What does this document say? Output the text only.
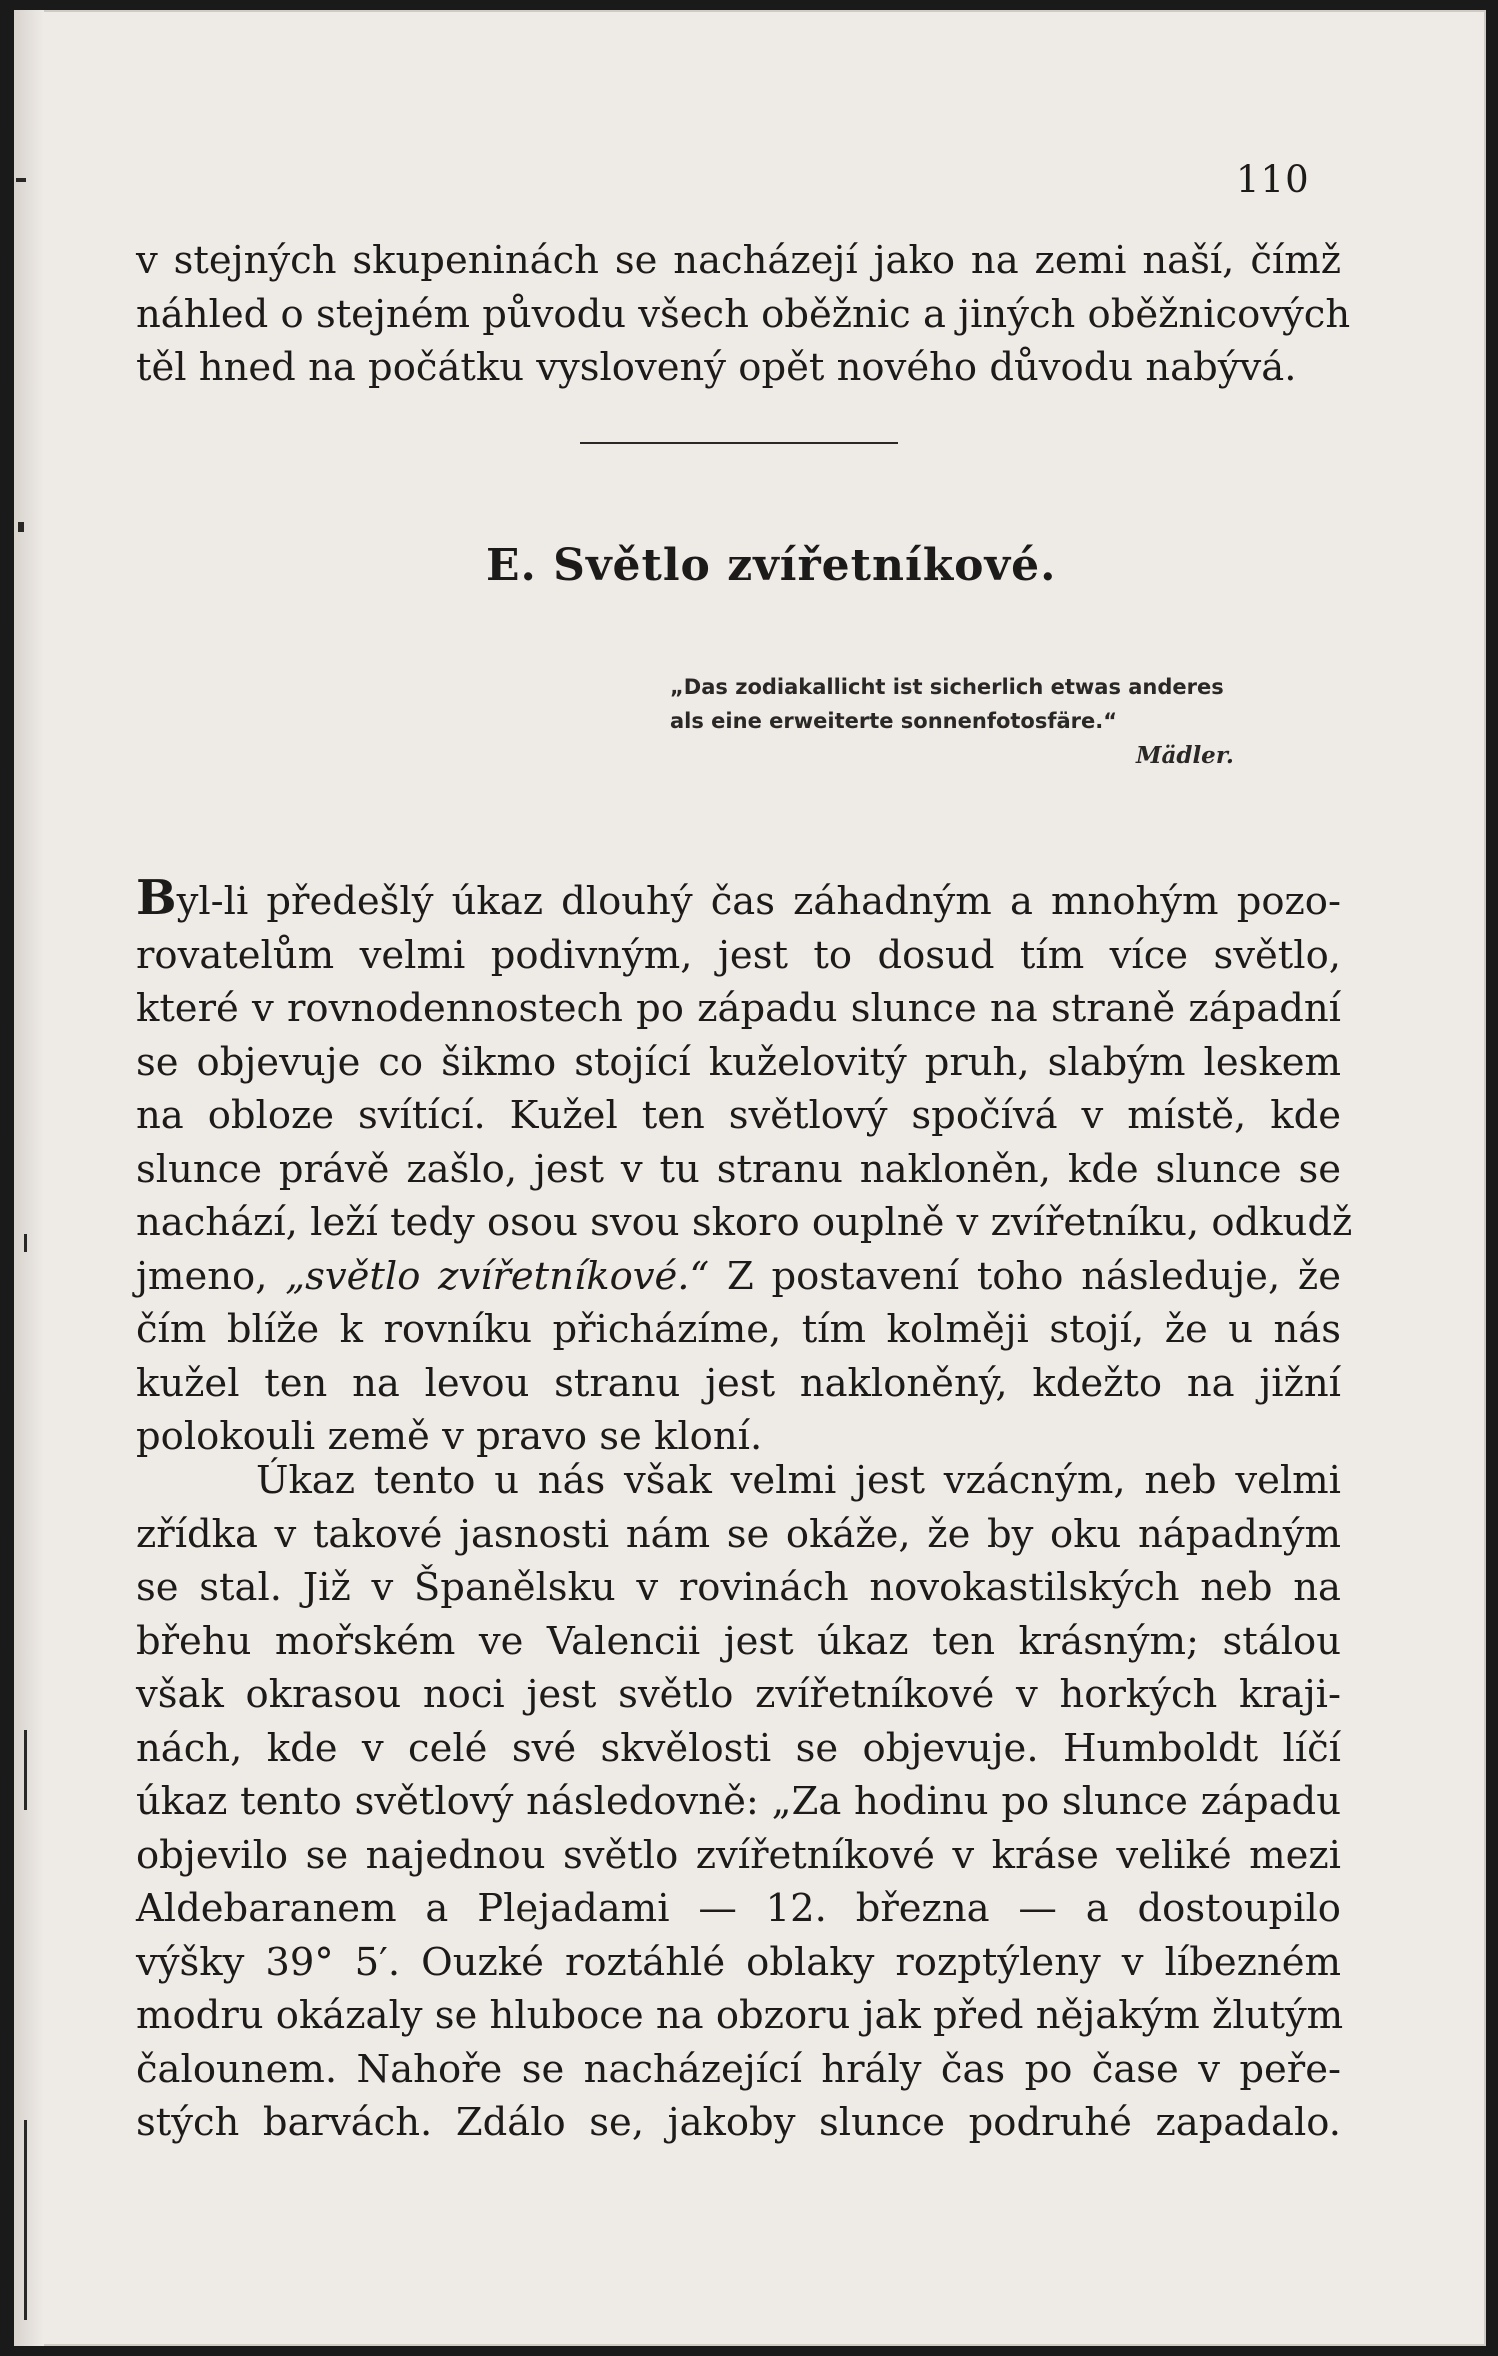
110
v stejných skupeninách se nacházejí jako na zemi naší, čímž
náhled o stejném původu všech oběžnic a jiných oběžnicových
těl hned na počátku vyslovený opět nového důvodu nabývá.
E. Světlo zvířetníkové.
„Das zodiakallicht ist sicherlich etwas anderes
als eine erweiterte sonnenfotosfäre.“
Mädler.
Byl-li předešlý úkaz dlouhý čas záhadným a mnohým pozo-
rovatelům velmi podivným, jest to dosud tím více světlo,
které v rovnodennostech po západu slunce na straně západní
se objevuje co šikmo stojící kuželovitý pruh, slabým leskem
na obloze svítící. Kužel ten světlový spočívá v místě, kde
slunce právě zašlo, jest v tu stranu nakloněn, kde slunce se
nachází, leží tedy osou svou skoro ouplně v zvířetníku, odkudž
jmeno, „světlo zvířetníkové.“ Z postavení toho následuje, že
čím blíže k rovníku přicházíme, tím kolměji stojí, že u nás
kužel ten na levou stranu jest nakloněný, kdežto na jižní
polokouli země v pravo se kloní.
Úkaz tento u nás však velmi jest vzácným, neb velmi
zřídka v takové jasnosti nám se okáže, že by oku nápadným
se stal. Již v Španělsku v rovinách novokastilských neb na
břehu mořském ve Valencii jest úkaz ten krásným; stálou
však okrasou noci jest světlo zvířetníkové v horkých kraji-
nách, kde v celé své skvělosti se objevuje. Humboldt líčí
úkaz tento světlový následovně: „Za hodinu po slunce západu
objevilo se najednou světlo zvířetníkové v kráse veliké mezi
Aldebaranem a Plejadami — 12. března — a dostoupilo
výšky 39° 5′. Ouzké roztáhlé oblaky rozptýleny v líbezném
modru okázaly se hluboce na obzoru jak před nějakým žlutým
čalounem. Nahoře se nacházející hrály čas po čase v peře-
stých barvách. Zdálo se, jakoby slunce podruhé zapadalo.
